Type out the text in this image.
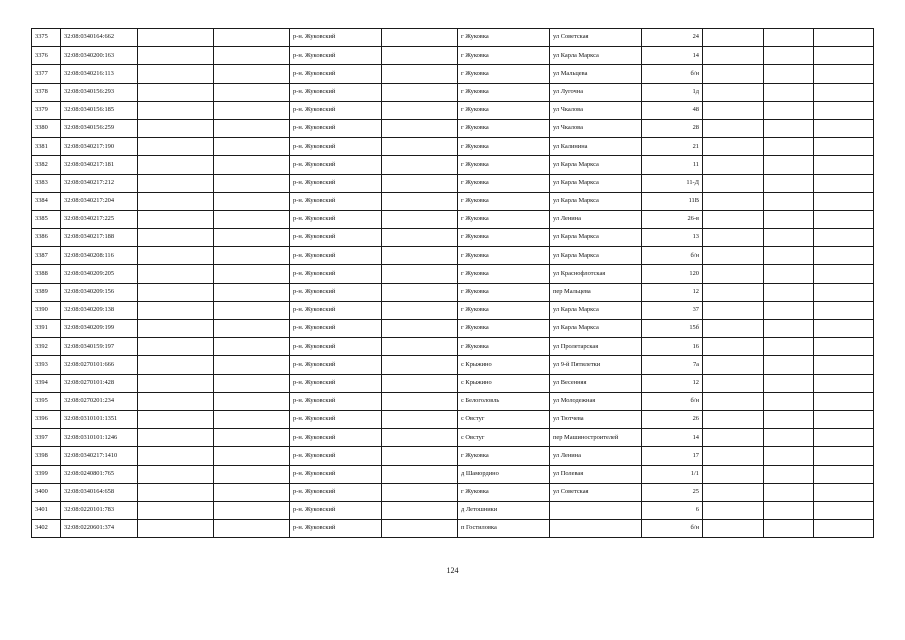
3375	32:08:0340164:662			р-н. Жуковский		г Жуковка	ул Советская	24			
3376	32:08:0340200:163			р-н. Жуковский		г Жуковка	ул Карла Маркса	14			
3377	32:08:0340216:113			р-н. Жуковский		г Жуковка	ул Мальцева	б/н			
3378	32:08:0340156:293			р-н. Жуковский		г Жуковка	ул Лугочна	1д			
3379	32:08:0340156:185			р-н. Жуковский		г Жуковка	ул Чкалова	48			
3380	32:08:0340156:259			р-н. Жуковский		г Жуковка	ул Чкалова	28			
3381	32:08:0340217:190			р-н. Жуковский		г Жуковка	ул Калинина	21			
3382	32:08:0340217:181			р-н. Жуковский		г Жуковка	ул Карла Маркса	11			
3383	32:08:0340217:212			р-н. Жуковский		г Жуковка	ул Карла Маркса	11-Д			
3384	32:08:0340217:204			р-н. Жуковский		г Жуковка	ул Карла Маркса	11В			
3385	32:08:0340217:225			р-н. Жуковский		г Жуковка	ул Ленина	26-в			
3386	32:08:0340217:188			р-н. Жуковский		г Жуковка	ул Карла Маркса	13			
3387	32:08:0340208:116			р-н. Жуковский		г Жуковка	ул Карла Маркса	б/н			
3388	32:08:0340209:205			р-н. Жуковский		г Жуковка	ул Краснофлотская	120			
3389	32:08:0340209:156			р-н. Жуковский		г Жуковка	пер Мальцева	12			
3390	32:08:0340209:138			р-н. Жуковский		г Жуковка	ул Карла Маркса	37			
3391	32:08:0340209:199			р-н. Жуковский		г Жуковка	ул Карла Маркса	15б			
3392	32:08:0340159:197			р-н. Жуковский		г Жуковка	ул Пролетарская	16			
3393	32:08:0270101:666			р-н. Жуковский		с Крыжино	ул 9-й Пятилетки	7а			
3394	32:08:0270101:428			р-н. Жуковский		с Крыжино	ул Весенняя	12			
3395	32:08:0270201:234			р-н. Жуковский		с Белоголовль	ул Молодежная	б/н			
3396	32:08:0310101:1351			р-н. Жуковский		с Овстуг	ул Тютчева	26			
3397	32:08:0310101:1246			р-н. Жуковский		с Овстуг	пер Машиностроителей	14			
3398	32:08:0340217:1410			р-н. Жуковский		г Жуковка	ул Ленина	17			
3399	32:08:0240801:765			р-н. Жуковский		д Шамордино	ул Полевая	1/1			
3400	32:08:0340164:658			р-н. Жуковский		г Жуковка	ул Советская	25			
3401	32:08:0220101:783			р-н. Жуковский		д Летошники		6			
3402	32:08:0220601:374			р-н. Жуковский		п Гостиловка		б/н			
124
